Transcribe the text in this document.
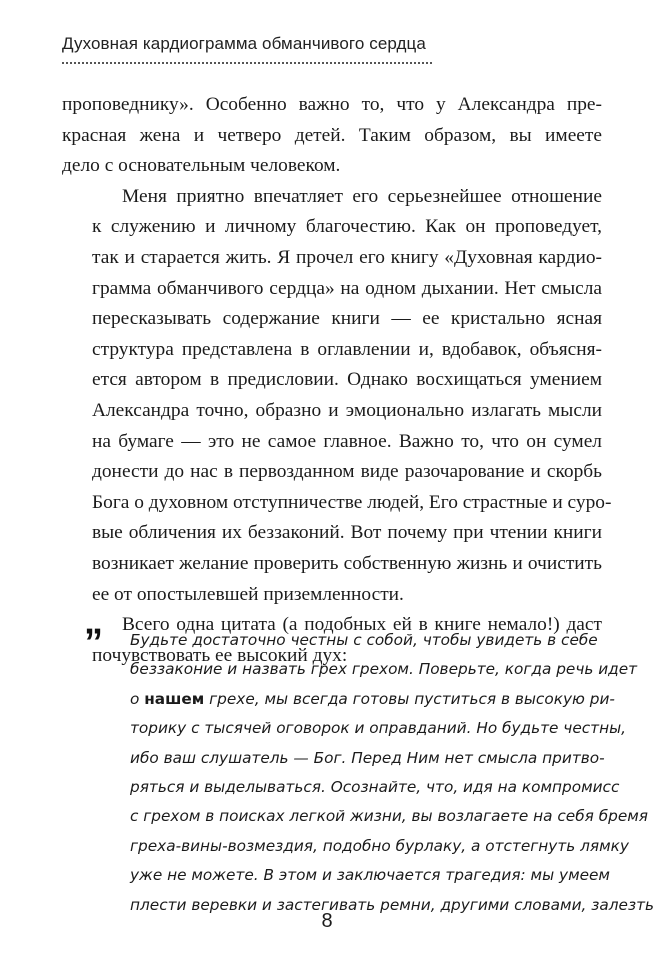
Духовная кардиограмма обманчивого сердца

проповеднику». Особенно важно то, что у Александра пре-
красная жена и четверо детей. Таким образом, вы имеете
дело с основательным человеком.

Меня приятно впечатляет его серьезнейшее отношение
к служению и личному благочестию. Как он проповедует,
так и старается жить. Я прочел его книгу «Духовная кардио-
грамма обманчивого сердца» на одном дыхании. Нет смысла
пересказывать содержание книги — ее кристально ясная
структура представлена в оглавлении и, вдобавок, объясня-
ется автором в предисловии. Однако восхищаться умением
Александра точно, образно и эмоционально излагать мысли
на бумаге — это не самое главное. Важно то, что он сумел
донести до нас в первозданном виде разочарование и скорбь
Бога о духовном отступничестве людей, Его страстные и суро-
вые обличения их беззаконий. Вот почему при чтении книги
возникает желание проверить собственную жизнь и очистить
ее от опостылевшей приземленности.

Всего одна цитата (а подобных ей в книге немало!) даст
почувствовать ее высокий дух:

” Будьте достаточно честны с собой, чтобы увидеть в себе
беззаконие и назвать грех грехом. Поверьте, когда речь идет
о нашем грехе, мы всегда готовы пуститься в высокую ри-
торику с тысячей оговорок и оправданий. Но будьте честны,
ибо ваш слушатель — Бог. Перед Ним нет смысла притво-
ряться и выделываться. Осознайте, что, идя на компромисс
с грехом в поисках легкой жизни, вы возлагаете на себя бремя
греха-вины-возмездия, подобно бурлаку, а отстегнуть лямку
уже не можете. В этом и заключается трагедия: мы умеем
плести веревки и застегивать ремни, другими словами, залезть
8
